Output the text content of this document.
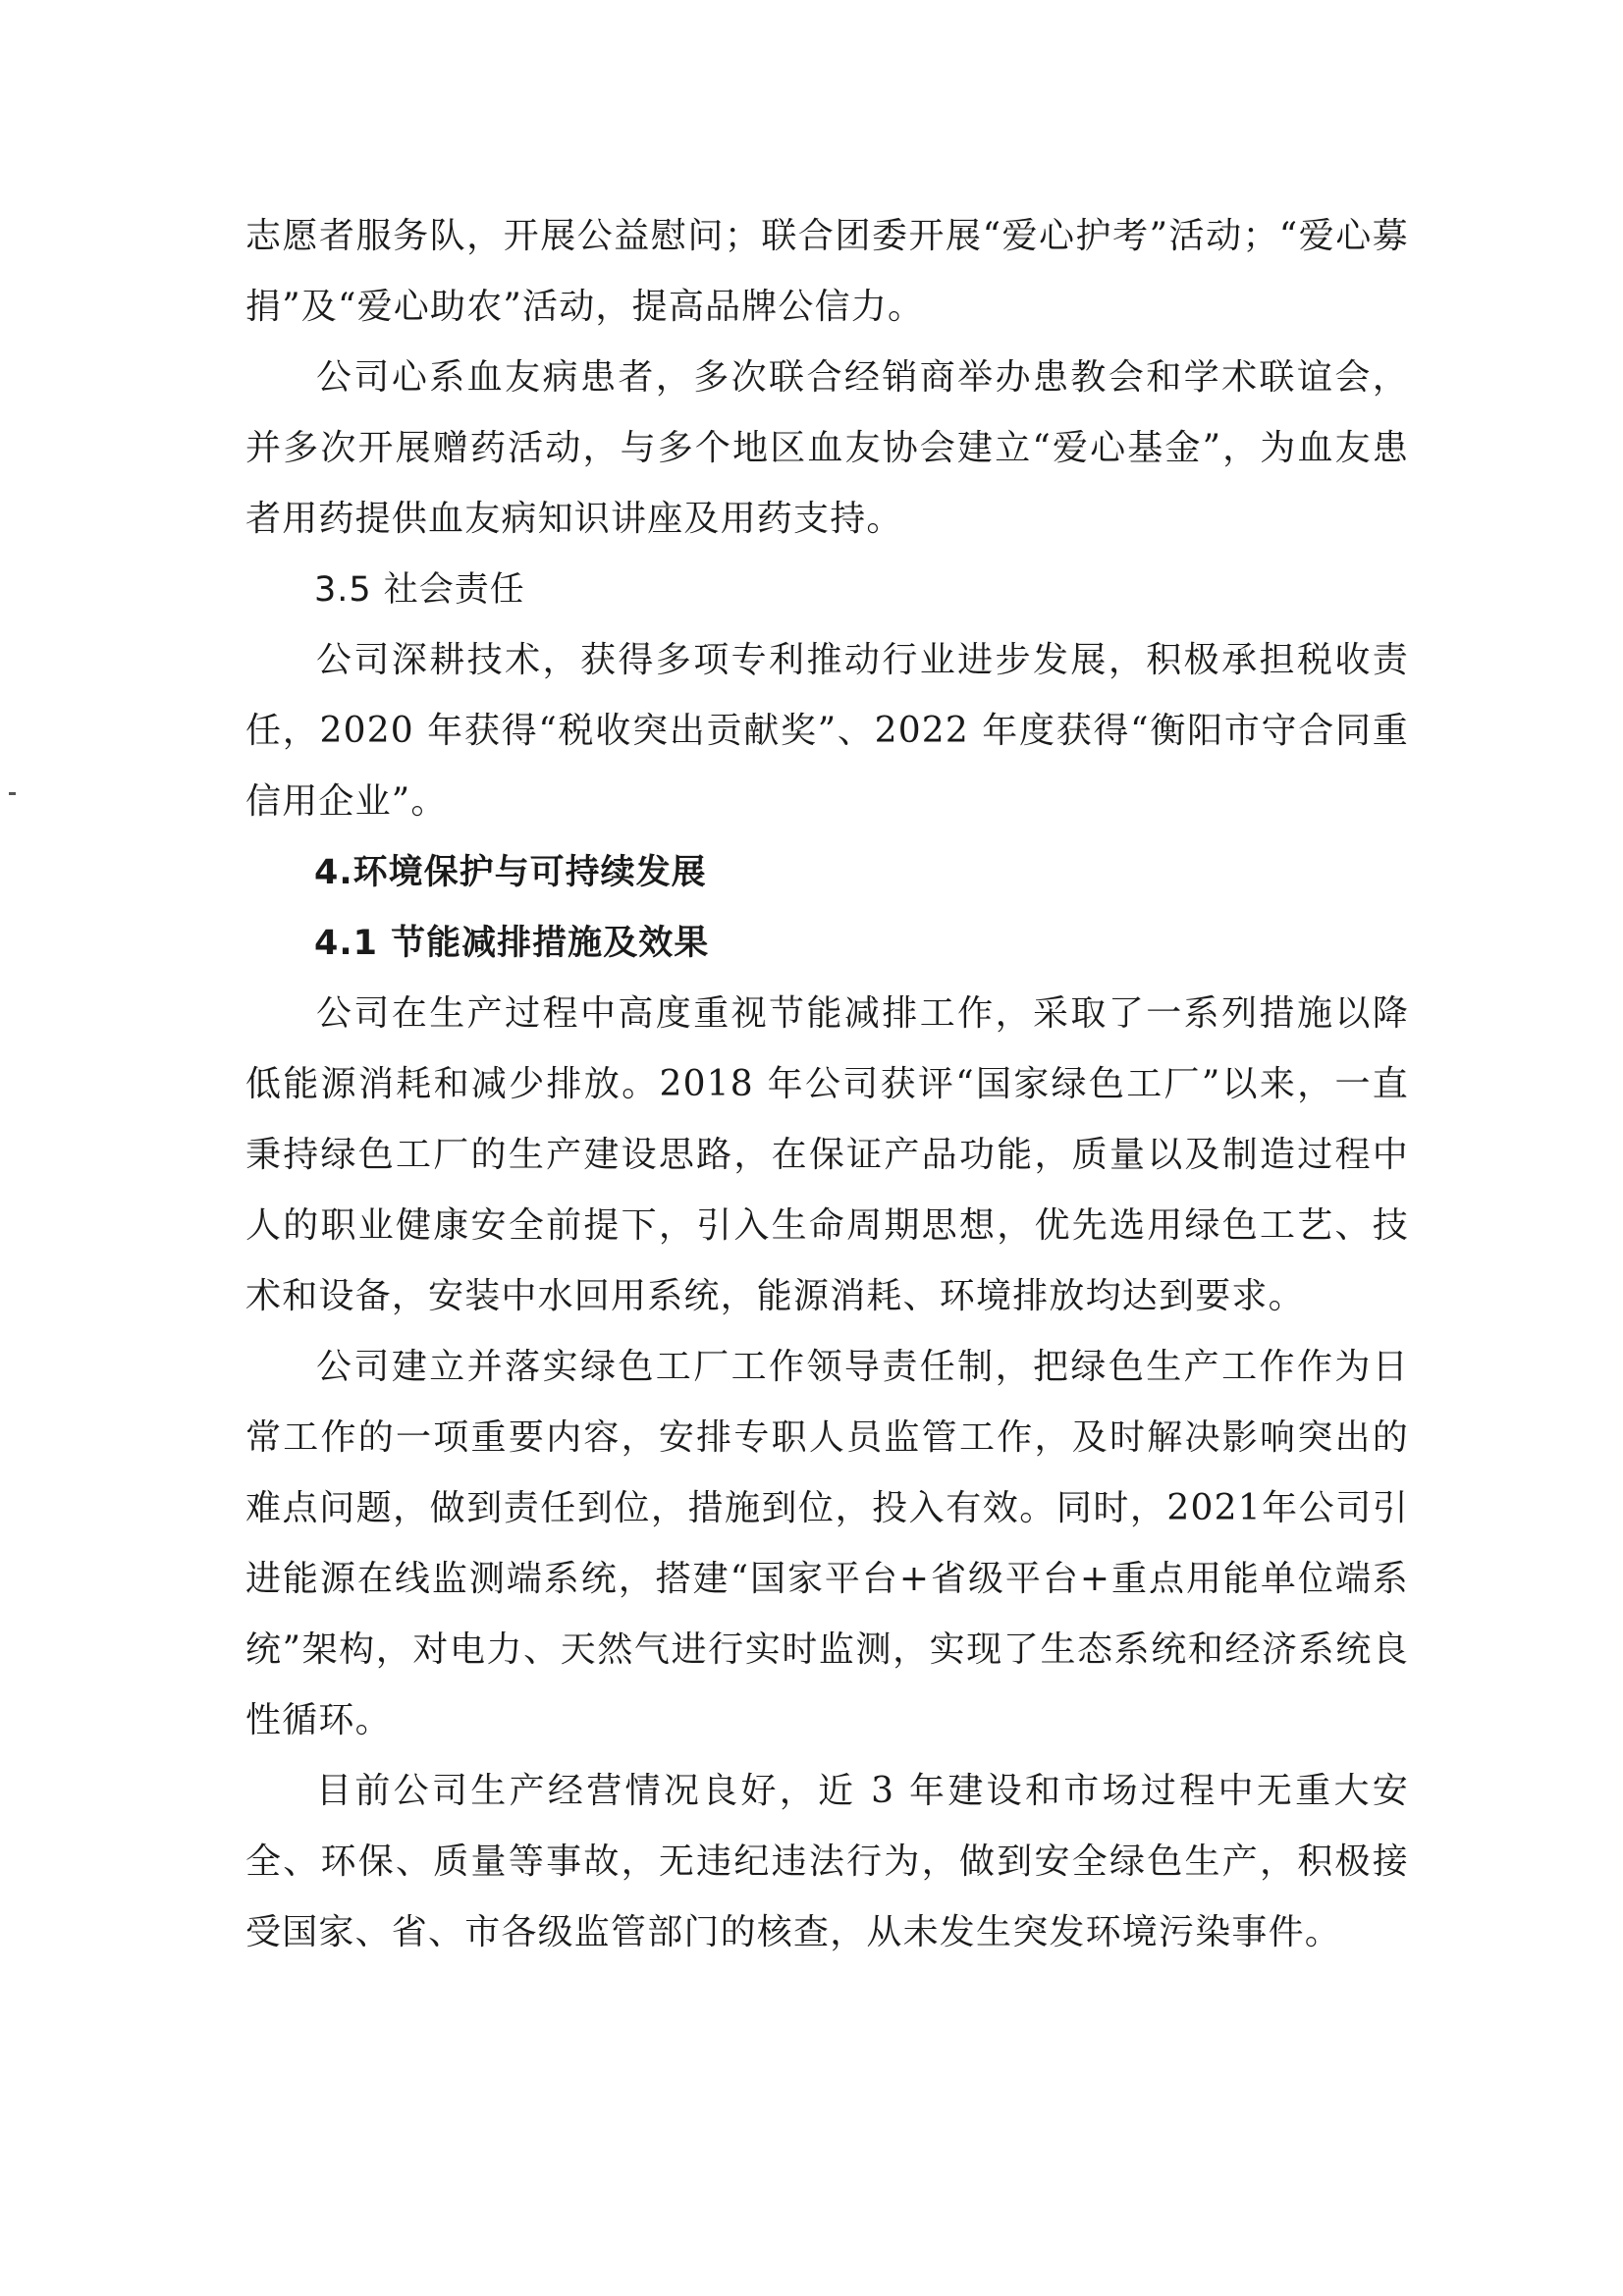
志愿者服务队，开展公益慰问；联合团委开展“爱心护考”活动；“爱心募捐”及“爱心助农”活动，提高品牌公信力。

公司心系血友病患者，多次联合经销商举办患教会和学术联谊会，并多次开展赠药活动，与多个地区血友协会建立“爱心基金”，为血友患者用药提供血友病知识讲座及用药支持。

3.5 社会责任

公司深耕技术，获得多项专利推动行业进步发展，积极承担税收责任，2020 年获得“税收突出贡献奖”、2022 年度获得“衡阳市守合同重信用企业”。

4.环境保护与可持续发展

4.1 节能减排措施及效果

公司在生产过程中高度重视节能减排工作，采取了一系列措施以降低能源消耗和减少排放。2018 年公司获评“国家绿色工厂”以来，一直秉持绿色工厂的生产建设思路，在保证产品功能，质量以及制造过程中人的职业健康安全前提下，引入生命周期思想，优先选用绿色工艺、技术和设备，安装中水回用系统，能源消耗、环境排放均达到要求。

公司建立并落实绿色工厂工作领导责任制，把绿色生产工作作为日常工作的一项重要内容，安排专职人员监管工作，及时解决影响突出的难点问题，做到责任到位，措施到位，投入有效。同时，2021年公司引进能源在线监测端系统，搭建“国家平台+省级平台+重点用能单位端系统”架构，对电力、天然气进行实时监测，实现了生态系统和经济系统良性循环。

目前公司生产经营情况良好，近 3 年建设和市场过程中无重大安全、环保、质量等事故，无违纪违法行为，做到安全绿色生产，积极接受国家、省、市各级监管部门的核查，从未发生突发环境污染事件。
